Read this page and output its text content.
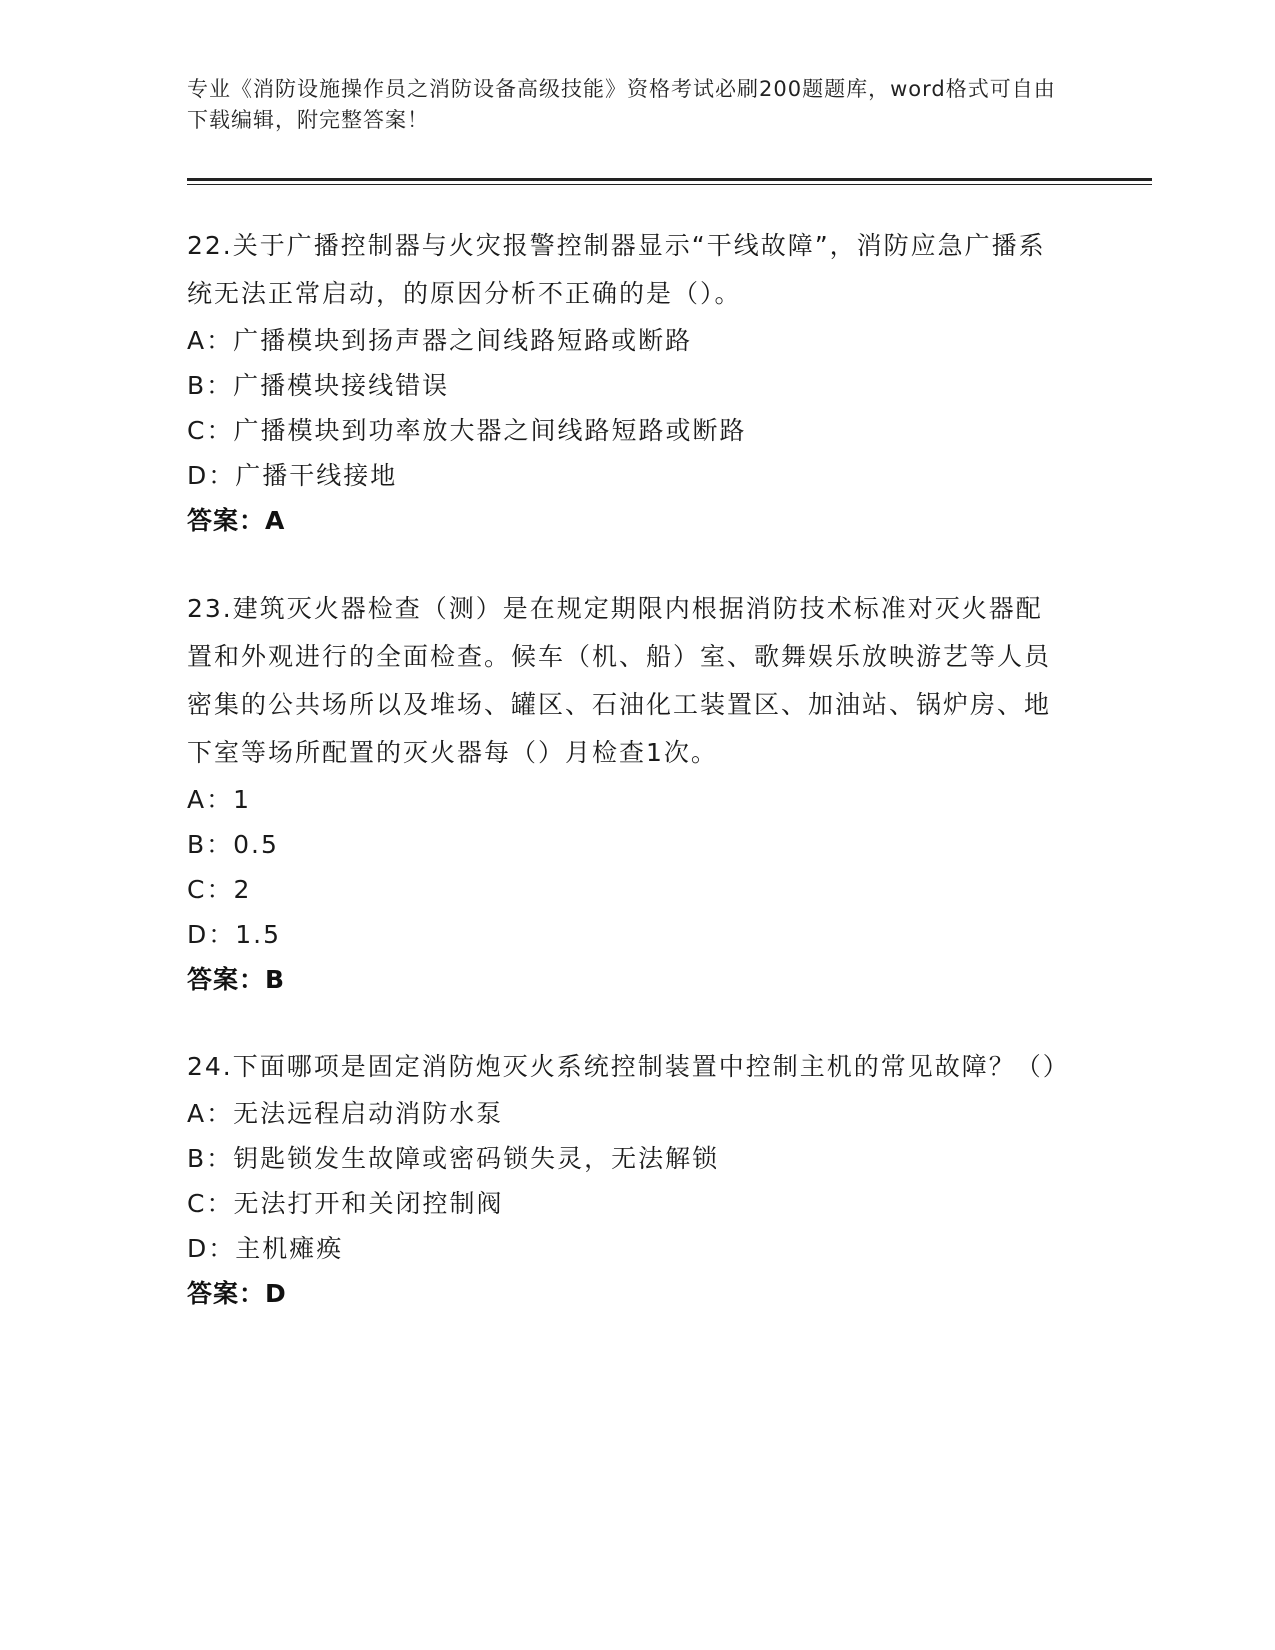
专业《消防设施操作员之消防设备高级技能》资格考试必刷200题题库，word格式可自由下载编辑，附完整答案！
22.关于广播控制器与火灾报警控制器显示“干线故障”，消防应急广播系统无法正常启动，的原因分析不正确的是（）。
A：广播模块到扬声器之间线路短路或断路
B：广播模块接线错误
C：广播模块到功率放大器之间线路短路或断路
D：广播干线接地
答案：A
23.建筑灭火器检查（测）是在规定期限内根据消防技术标准对灭火器配置和外观进行的全面检查。候车（机、船）室、歌舞娱乐放映游艺等人员密集的公共场所以及堆场、罐区、石油化工装置区、加油站、锅炉房、地下室等场所配置的灭火器每（）月检查1次。
A：1
B：0.5
C：2
D：1.5
答案：B
24.下面哪项是固定消防炮灭火系统控制装置中控制主机的常见故障？（）
A：无法远程启动消防水泵
B：钥匙锁发生故障或密码锁失灵，无法解锁
C：无法打开和关闭控制阀
D：主机瘫痪
答案：D
